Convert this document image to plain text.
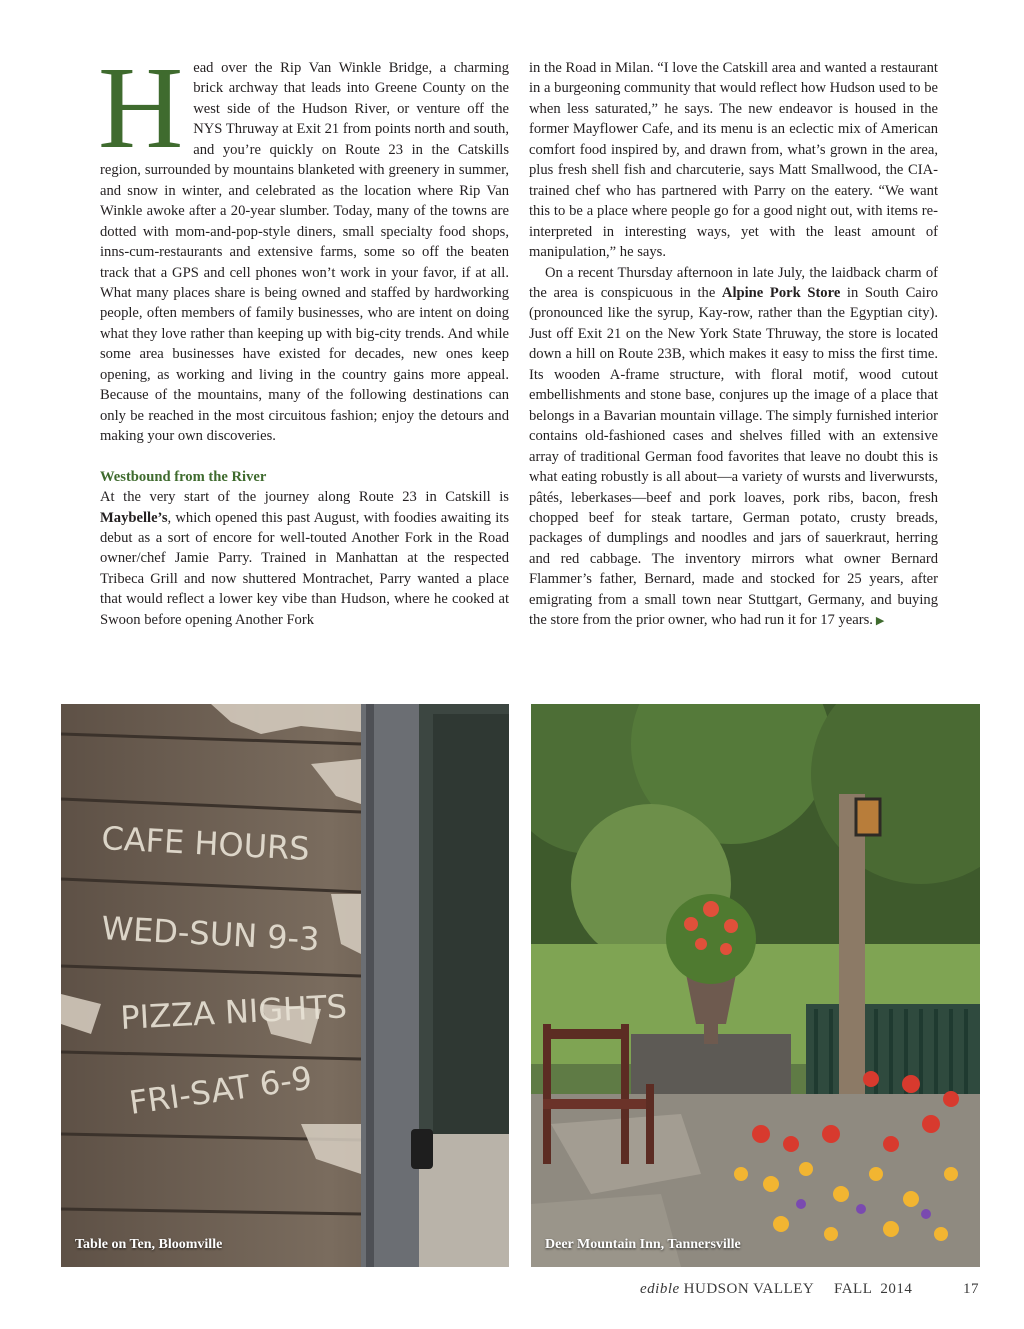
H ead over the Rip Van Winkle Bridge, a charming brick archway that leads into Greene County on the west side of the Hudson River, or venture off the NYS Thruway at Exit 21 from points north and south, and you’re quickly on Route 23 in the Catskills region, surrounded by mountains blanketed with greenery in summer, and snow in winter, and celebrated as the location where Rip Van Winkle awoke after a 20-year slumber. Today, many of the towns are dotted with mom-and-pop-style diners, small specialty food shops, inns-cum-restaurants and extensive farms, some so off the beaten track that a GPS and cell phones won’t work in your favor, if at all. What many places share is being owned and staffed by hardworking people, often members of family businesses, who are intent on doing what they love rather than keeping up with big-city trends. And while some area businesses have existed for decades, new ones keep opening, as working and living in the country gains more appeal. Because of the mountains, many of the following destinations can only be reached in the most circuitous fashion; enjoy the detours and making your own discoveries.

Westbound from the River

At the very start of the journey along Route 23 in Catskill is Maybelle’s, which opened this past August, with foodies awaiting its debut as a sort of encore for well-touted Another Fork in the Road owner/chef Jamie Parry. Trained in Manhattan at the respected Tribeca Grill and now shuttered Montrachet, Parry wanted a place that would reflect a lower key vibe than Hudson, where he cooked at Swoon before opening Another Fork

in the Road in Milan. “I love the Catskill area and wanted a restaurant in a burgeoning community that would reflect how Hudson used to be when less saturated,” he says. The new endeavor is housed in the former Mayflower Cafe, and its menu is an eclectic mix of American comfort food inspired by, and drawn from, what’s grown in the area, plus fresh shell fish and charcuterie, says Matt Smallwood, the CIA-trained chef who has partnered with Parry on the eatery. “We want this to be a place where people go for a good night out, with items re-interpreted in interesting ways, yet with the least amount of manipulation,” he says.

On a recent Thursday afternoon in late July, the laidback charm of the area is conspicuous in the Alpine Pork Store in South Cairo (pronounced like the syrup, Kay-row, rather than the Egyptian city). Just off Exit 21 on the New York State Thruway, the store is located down a hill on Route 23B, which makes it easy to miss the first time. Its wooden A-frame structure, with floral motif, wood cutout embellishments and stone base, conjures up the image of a place that belongs in a Bavarian mountain village. The simply furnished interior contains old-fashioned cases and shelves filled with an extensive array of traditional German food favorites that leave no doubt this is what eating robustly is all about—a variety of wursts and liverwursts, pâtés, leberkases—beef and pork loaves, pork ribs, bacon, fresh chopped beef for steak tartare, German potato, crusty breads, packages of dumplings and noodles and jars of sauerkraut, herring and red cabbage. The inventory mirrors what owner Bernard Flammer’s father, Bernard, made and stocked for 25 years, after emigrating from a small town near Stuttgart, Germany, and buying the store from the prior owner, who had run it for 17 years. ▶

CAFE HOURS
WED-SUN 9-3
PIZZA NIGHTS
FRI-SAT 6-9
Table on Ten, Bloomville	Deer Mountain Inn, Tannersville
edible HUDSON VALLEY FALL  2014	17
